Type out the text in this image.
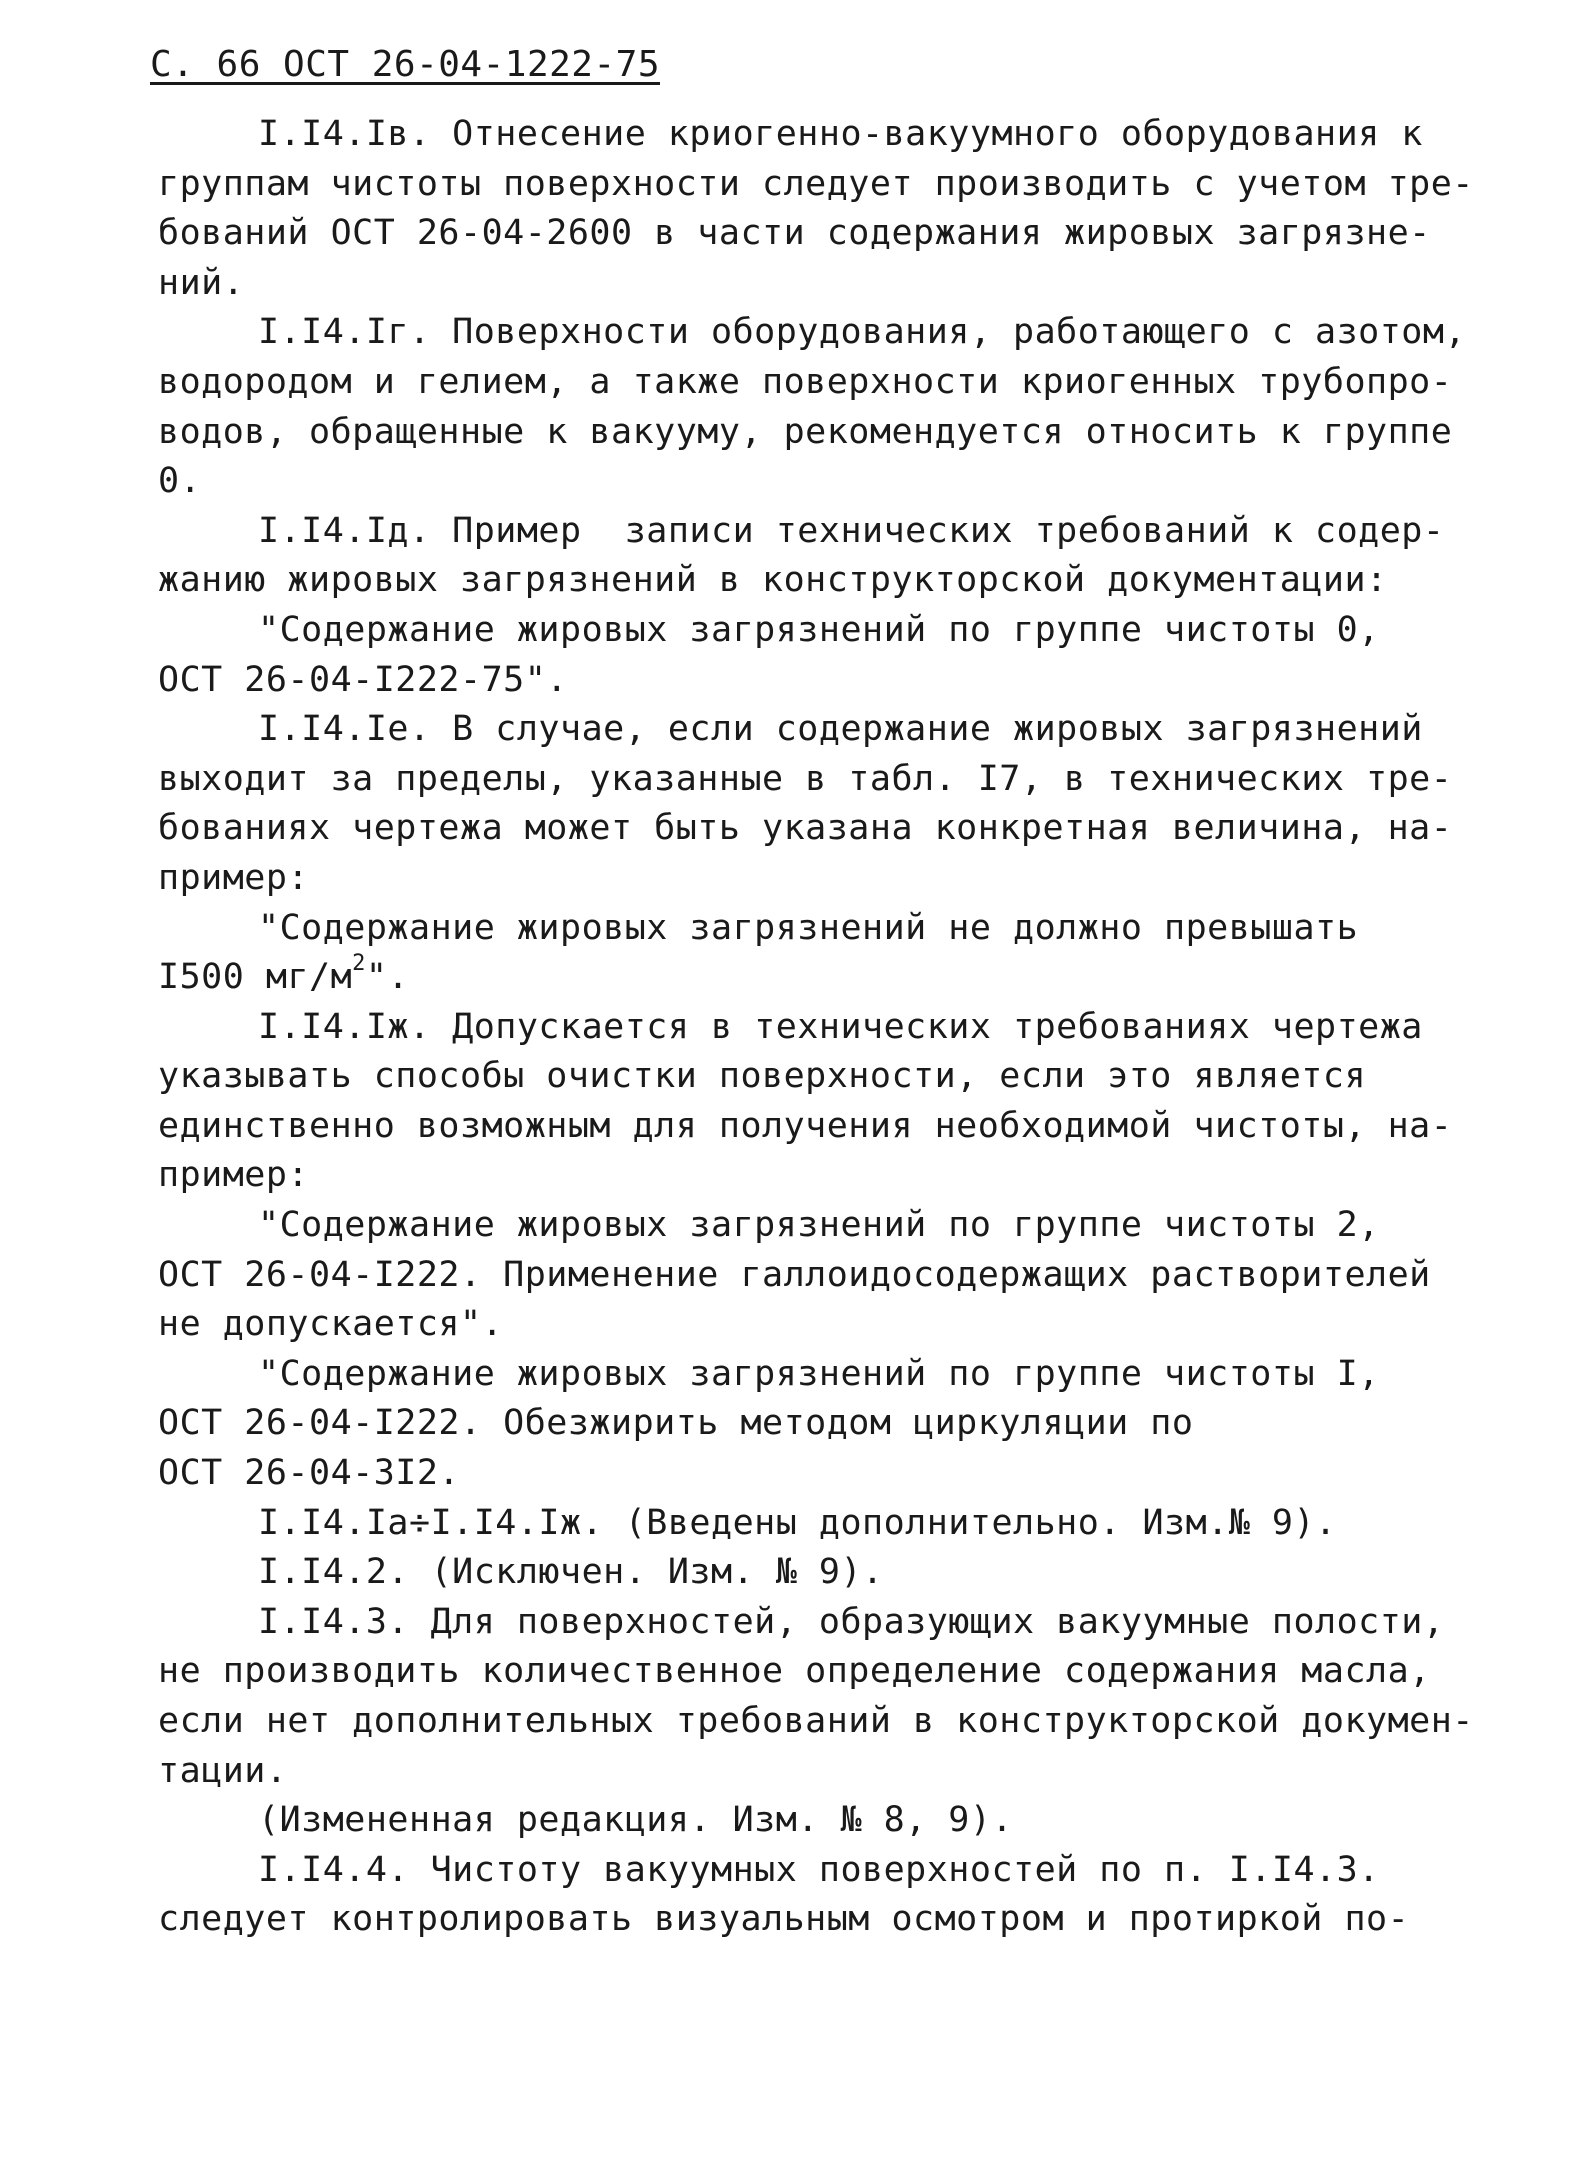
С. 66 ОСТ 26-04-1222-75
I.I4.Iв. Отнесение криогенно-вакуумного оборудования к
группам чистоты поверхности следует производить с учетом тре-
бований ОСТ 26-04-2600 в части содержания жировых загрязне-
ний.
I.I4.Iг. Поверхности оборудования, работающего с азотом,
водородом и гелием, а также поверхности криогенных трубопро-
водов, обращенные к вакууму, рекомендуется относить к группе
0.
I.I4.Iд. Пример  записи технических требований к содер-
жанию жировых загрязнений в конструкторской документации:
"Содержание жировых загрязнений по группе чистоты 0,
ОСТ 26-04-I222-75".
I.I4.Iе. В случае, если содержание жировых загрязнений
выходит за пределы, указанные в табл. I7, в технических тре-
бованиях чертежа может быть указана конкретная величина, на-
пример:
"Содержание жировых загрязнений не должно превышать
I500 $мг/м^2$".
I.I4.Iж. Допускается в технических требованиях чертежа
указывать способы очистки поверхности, если это является
единственно возможным для получения необходимой чистоты, на-
пример:
"Содержание жировых загрязнений по группе чистоты 2,
ОСТ 26-04-I222. Применение галлоидосодержащих растворителей
не допускается".
"Содержание жировых загрязнений по группе чистоты I,
ОСТ 26-04-I222. Обезжирить методом циркуляции по
ОСТ 26-04-3I2.
I.I4.Iа÷I.I4.Iж. (Введены дополнительно. Изм.№ 9).
I.I4.2. (Исключен. Изм. № 9).
I.I4.3. Для поверхностей, образующих вакуумные полости,
не производить количественное определение содержания масла,
если нет дополнительных требований в конструкторской докумен-
тации.
(Измененная редакция. Изм. № 8, 9).
I.I4.4. Чистоту вакуумных поверхностей по п. I.I4.3.
следует контролировать визуальным осмотром и протиркой по-
